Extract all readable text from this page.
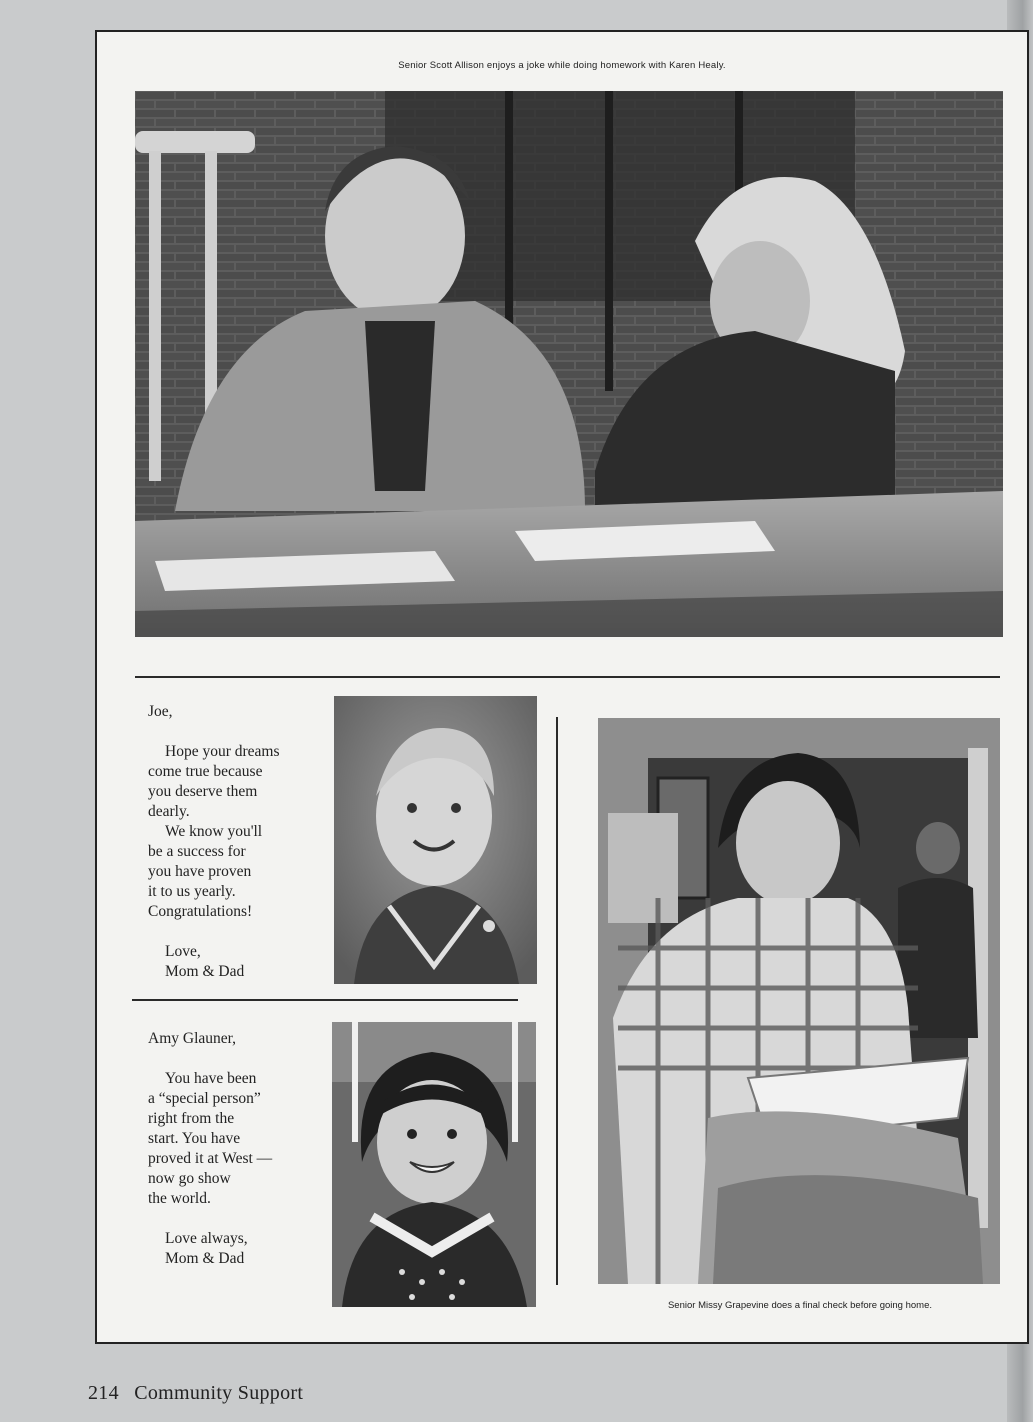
Senior Scott Allison enjoys a joke while doing homework with Karen Healy.
Joe,
Hope your dreams
come true because
you deserve them
dearly.
We know you'll
be a success for
you have proven
it to us yearly.
Congratulations!
Love,
Mom & Dad
Amy Glauner,
You have been
a “special person”
right from the
start. You have
proved it at West —
now go show
the world.
Love always,
Mom & Dad
Senior Missy Grapevine does a final check before going home.
214 Community Support
